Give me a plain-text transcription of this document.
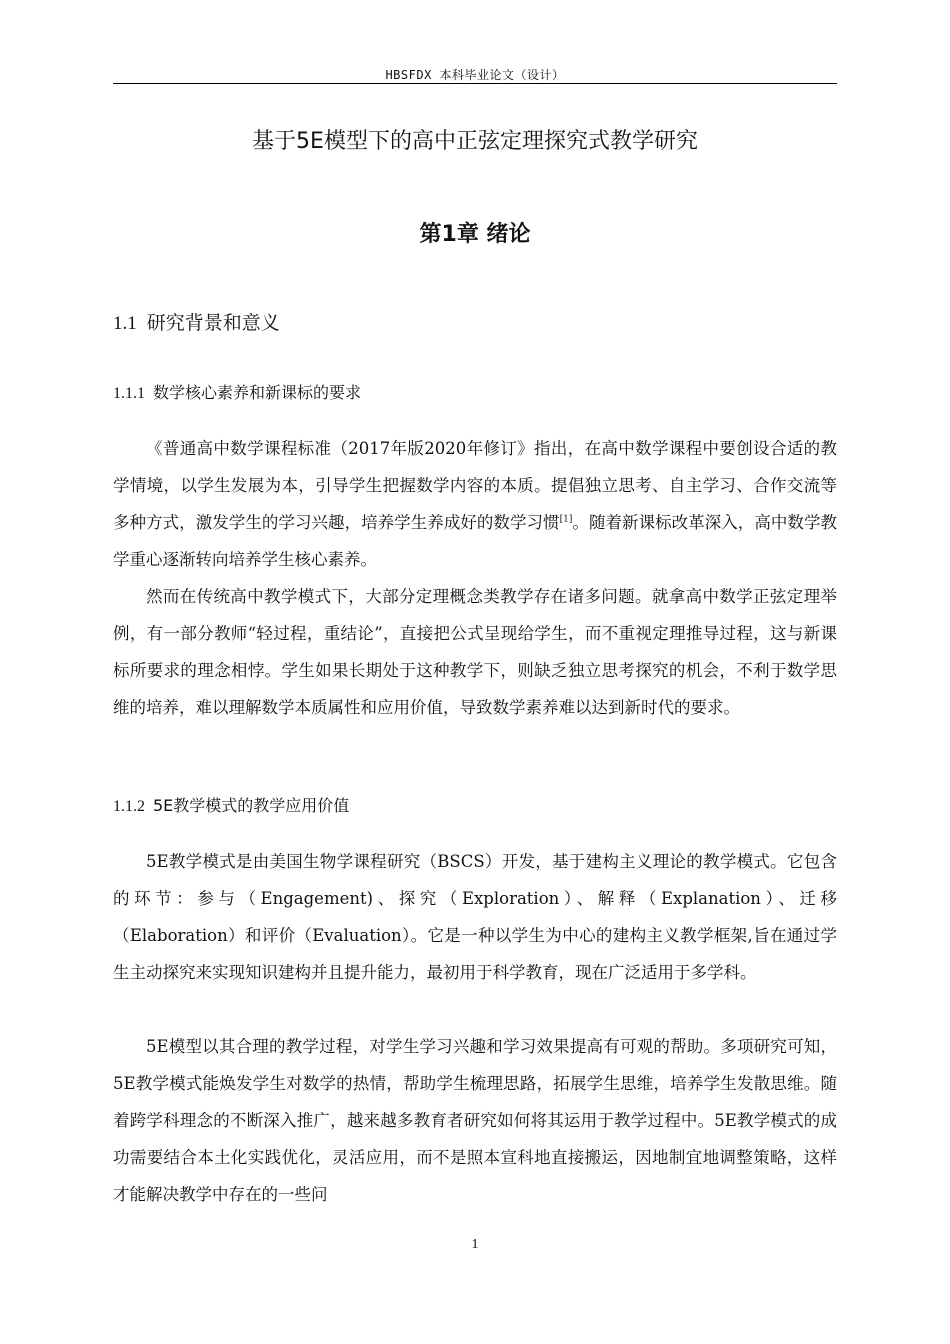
HBSFDX 本科毕业论文（设计）
基于5E模型下的高中正弦定理探究式教学研究
第1章 绪论
1.1 研究背景和意义
1.1.1 数学核心素养和新课标的要求

《普通高中数学课程标准（2017年版2020年修订》指出，在高中数学课程中要创设合适的教学情境，以学生发展为本，引导学生把握数学内容的本质。提倡独立思考、自主学习、合作交流等多种方式，激发学生的学习兴趣，培养学生养成好的数学习惯[1]。随着新课标改革深入，高中数学教学重心逐渐转向培养学生核心素养。

然而在传统高中教学模式下，大部分定理概念类教学存在诸多问题。就拿高中数学正弦定理举例，有一部分教师“轻过程，重结论”，直接把公式呈现给学生，而不重视定理推导过程，这与新课标所要求的理念相悖。学生如果长期处于这种教学下，则缺乏独立思考探究的机会，不利于数学思维的培养，难以理解数学本质属性和应用价值，导致数学素养难以达到新时代的要求。

1.1.2 5E教学模式的教学应用价值

5E教学模式是由美国生物学课程研究（BSCS）开发，基于建构主义理论的教学模式。它包含的环节：参与（Engagement)、探究（Exploration）、解释（Explanation）、迁移（Elaboration）和评价（Evaluation）。它是一种以学生为中心的建构主义教学框架,旨在通过学生主动探究来实现知识建构并且提升能力，最初用于科学教育，现在广泛适用于多学科。

5E模型以其合理的教学过程，对学生学习兴趣和学习效果提高有可观的帮助。多项研究可知，5E教学模式能焕发学生对数学的热情，帮助学生梳理思路，拓展学生思维，培养学生发散思维。随着跨学科理念的不断深入推广，越来越多教育者研究如何将其运用于教学过程中。5E教学模式的成功需要结合本土化实践优化，灵活应用，而不是照本宣科地直接搬运，因地制宜地调整策略，这样才能解决教学中存在的一些问

1
